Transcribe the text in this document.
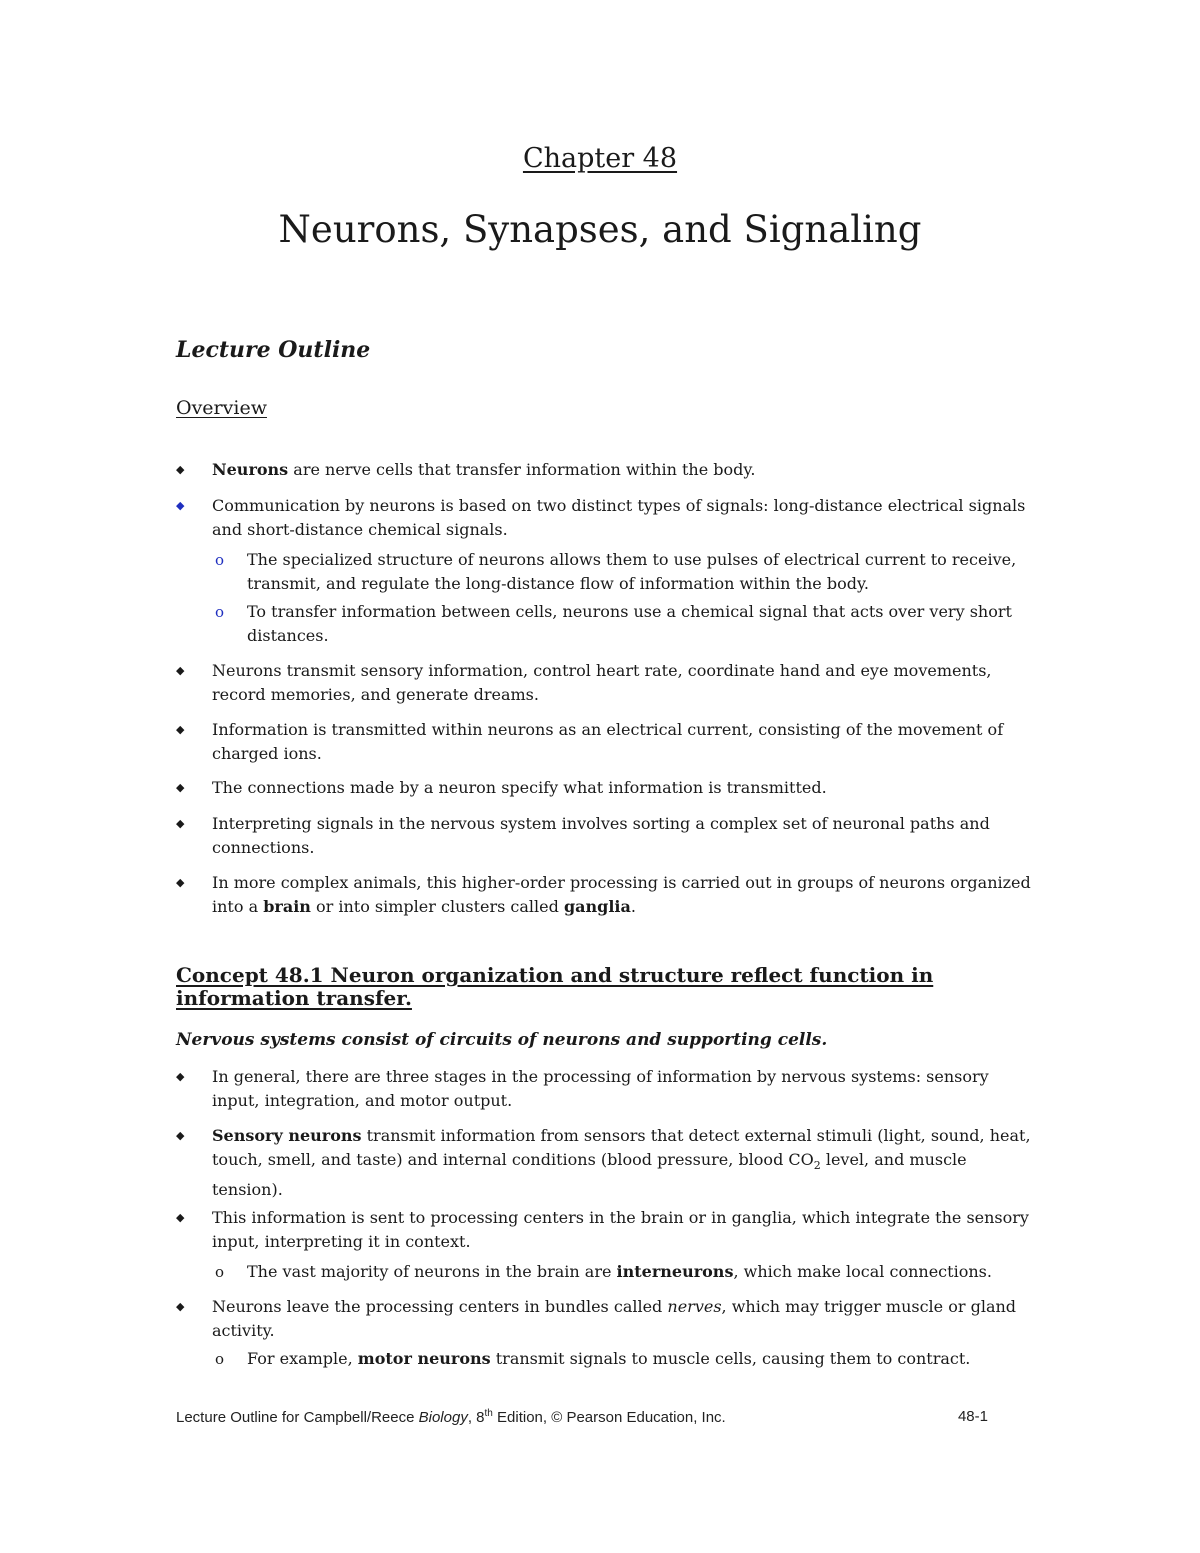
Chapter 48
Neurons, Synapses, and Signaling
Lecture Outline
Overview
◆	Neurons are nerve cells that transfer information within the body.
◆	Communication by neurons is based on two distinct types of signals: long-distance electrical signals and short-distance chemical signals.
o The specialized structure of neurons allows them to use pulses of electrical current to receive, transmit, and regulate the long-distance flow of information within the body.
o To transfer information between cells, neurons use a chemical signal that acts over very short distances.
◆	Neurons transmit sensory information, control heart rate, coordinate hand and eye movements, record memories, and generate dreams.
◆	Information is transmitted within neurons as an electrical current, consisting of the movement of charged ions.
◆	The connections made by a neuron specify what information is transmitted.
◆	Interpreting signals in the nervous system involves sorting a complex set of neuronal paths and connections.
◆	In more complex animals, this higher-order processing is carried out in groups of neurons organized into a brain or into simpler clusters called ganglia.
Concept 48.1 Neuron organization and structure reflect function in information transfer.
Nervous systems consist of circuits of neurons and supporting cells.
◆	In general, there are three stages in the processing of information by nervous systems: sensory input, integration, and motor output.
◆	Sensory neurons transmit information from sensors that detect external stimuli (light, sound, heat, touch, smell, and taste) and internal conditions (blood pressure, blood $CO_2$ level, and muscle tension).
◆	This information is sent to processing centers in the brain or in ganglia, which integrate the sensory input, interpreting it in context.
o The vast majority of neurons in the brain are interneurons, which make local connections.
◆	Neurons leave the processing centers in bundles called nerves, which may trigger muscle or gland activity.
o For example, motor neurons transmit signals to muscle cells, causing them to contract.
Lecture Outline for Campbell/Reece Biology, 8th Edition, © Pearson Education, Inc.	48-1
